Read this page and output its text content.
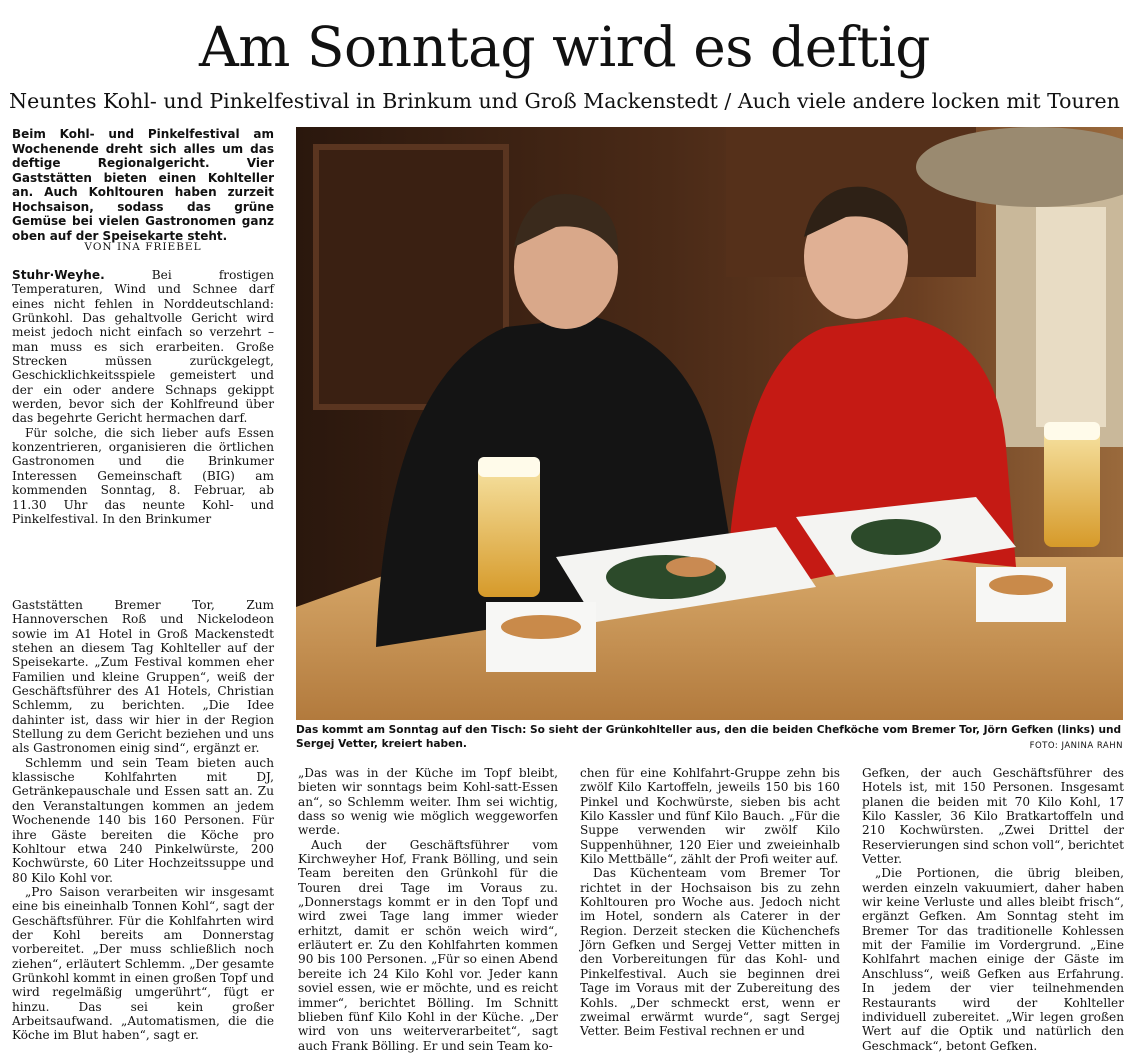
Am Sonntag wird es deftig
Neuntes Kohl- und Pinkelfestival in Brinkum und Groß Mackenstedt / Auch viele andere locken mit Touren
Beim Kohl- und Pinkelfestival am Wochenende dreht sich alles um das deftige Regionalgericht. Vier Gaststätten bieten einen Kohlteller an. Auch Kohltouren haben zurzeit Hochsaison, sodass das grüne Gemüse bei vielen Gastronomen ganz oben auf der Speisekarte steht.
VON INA FRIEBEL

Stuhr·Weyhe.	Bei frostigen Temperaturen, Wind und Schnee darf eines nicht fehlen in Norddeutschland: Grünkohl. Das gehaltvolle Gericht wird meist jedoch nicht einfach so verzehrt – man muss es sich erarbeiten. Große Strecken müssen zurückgelegt, Geschicklichkeitsspiele gemeistert und der ein oder andere Schnaps gekippt werden, bevor sich der Kohlfreund über das begehrte Gericht hermachen darf.

Für solche, die sich lieber aufs Essen konzentrieren, organisieren die örtlichen Gastronomen und die Brinkumer Interessen Gemeinschaft (BIG) am kommenden Sonntag, 8. Februar, ab 11.30 Uhr das neunte Kohl- und Pinkelfestival. In den Brinkumer

Das kommt am Sonntag auf den Tisch: So sieht der Grünkohlteller aus, den die beiden Chefköche vom Bremer Tor, Jörn Gefken (links) und Sergej Vetter, kreiert haben.	FOTO: JANINA RAHN

Gaststätten Bremer Tor, Zum Hannoverschen Roß und Nickelodeon sowie im A1 Hotel in Groß Mackenstedt stehen an diesem Tag Kohlteller auf der Speisekarte. „Zum Festival kommen eher Familien und kleine Gruppen“, weiß der Geschäftsführer des A1 Hotels, Christian Schlemm, zu berichten. „Die Idee dahinter ist, dass wir hier in der Region Stellung zu dem Gericht beziehen und uns als Gastronomen einig sind“, ergänzt er.

Schlemm und sein Team bieten auch klassische Kohlfahrten mit DJ, Getränkepauschale und Essen satt an. Zu den Veranstaltungen kommen an jedem Wochenende 140 bis 160 Personen. Für ihre Gäste bereiten die Köche pro Kohltour etwa 240 Pinkelwürste, 200 Kochwürste, 60 Liter Hochzeitssuppe und 80 Kilo Kohl vor.

„Pro Saison verarbeiten wir insgesamt eine bis eineinhalb Tonnen Kohl“, sagt der Geschäftsführer. Für die Kohlfahrten wird der Kohl bereits am Donnerstag vorbereitet. „Der muss schließlich noch ziehen“, erläutert Schlemm. „Der gesamte Grünkohl kommt in einen großen Topf und wird regelmäßig umgerührt“, fügt er hinzu. Das sei kein großer Arbeitsaufwand. „Automatismen, die die Köche im Blut haben“, sagt er.

„Das was in der Küche im Topf bleibt, bieten wir sonntags beim Kohl-satt-Essen an“, so Schlemm weiter. Ihm sei wichtig, dass so wenig wie möglich weggeworfen werde.

Auch der Geschäftsführer vom Kirchweyher Hof, Frank Bölling, und sein Team bereiten den Grünkohl für die Touren drei Tage im Voraus zu. „Donnerstags kommt er in den Topf und wird zwei Tage lang immer wieder erhitzt, damit er schön weich wird“, erläutert er. Zu den Kohlfahrten kommen 90 bis 100 Personen. „Für so einen Abend bereite ich 24 Kilo Kohl vor. Jeder kann soviel essen, wie er möchte, und es reicht immer“, berichtet Bölling. Im Schnitt blieben fünf Kilo Kohl in der Küche. „Der wird von uns weiterverarbeitet“, sagt auch Frank Bölling. Er und sein Team ko-

chen für eine Kohlfahrt-Gruppe zehn bis zwölf Kilo Kartoffeln, jeweils 150 bis 160 Pinkel und Kochwürste, sieben bis acht Kilo Kassler und fünf Kilo Bauch. „Für die Suppe verwenden wir zwölf Kilo Suppenhühner, 120 Eier und zweieinhalb Kilo Mettbälle“, zählt der Profi weiter auf.

Das Küchenteam vom Bremer Tor richtet in der Hochsaison bis zu zehn Kohltouren pro Woche aus. Jedoch nicht im Hotel, sondern als Caterer in der Region. Derzeit stecken die Küchenchefs Jörn Gefken und Sergej Vetter mitten in den Vorbereitungen für das Kohl- und Pinkelfestival. Auch sie beginnen drei Tage im Voraus mit der Zubereitung des Kohls. „Der schmeckt erst, wenn er zweimal erwärmt wurde“, sagt Sergej Vetter. Beim Festival rechnen er und

Gefken, der auch Geschäftsführer des Hotels ist, mit 150 Personen. Insgesamt planen die beiden mit 70 Kilo Kohl, 17 Kilo Kassler, 36 Kilo Bratkartoffeln und 210 Kochwürsten. „Zwei Drittel der Reservierungen sind schon voll“, berichtet Vetter.

„Die Portionen, die übrig bleiben, werden einzeln vakuumiert, daher haben wir keine Verluste und alles bleibt frisch“, ergänzt Gefken. Am Sonntag steht im Bremer Tor das traditionelle Kohlessen mit der Familie im Vordergrund. „Eine Kohlfahrt machen einige der Gäste im Anschluss“, weiß Gefken aus Erfahrung. In jedem der vier teilnehmenden Restaurants wird der Kohlteller individuell zubereitet. „Wir legen großen Wert auf die Optik und natürlich den Geschmack“, betont Gefken.
